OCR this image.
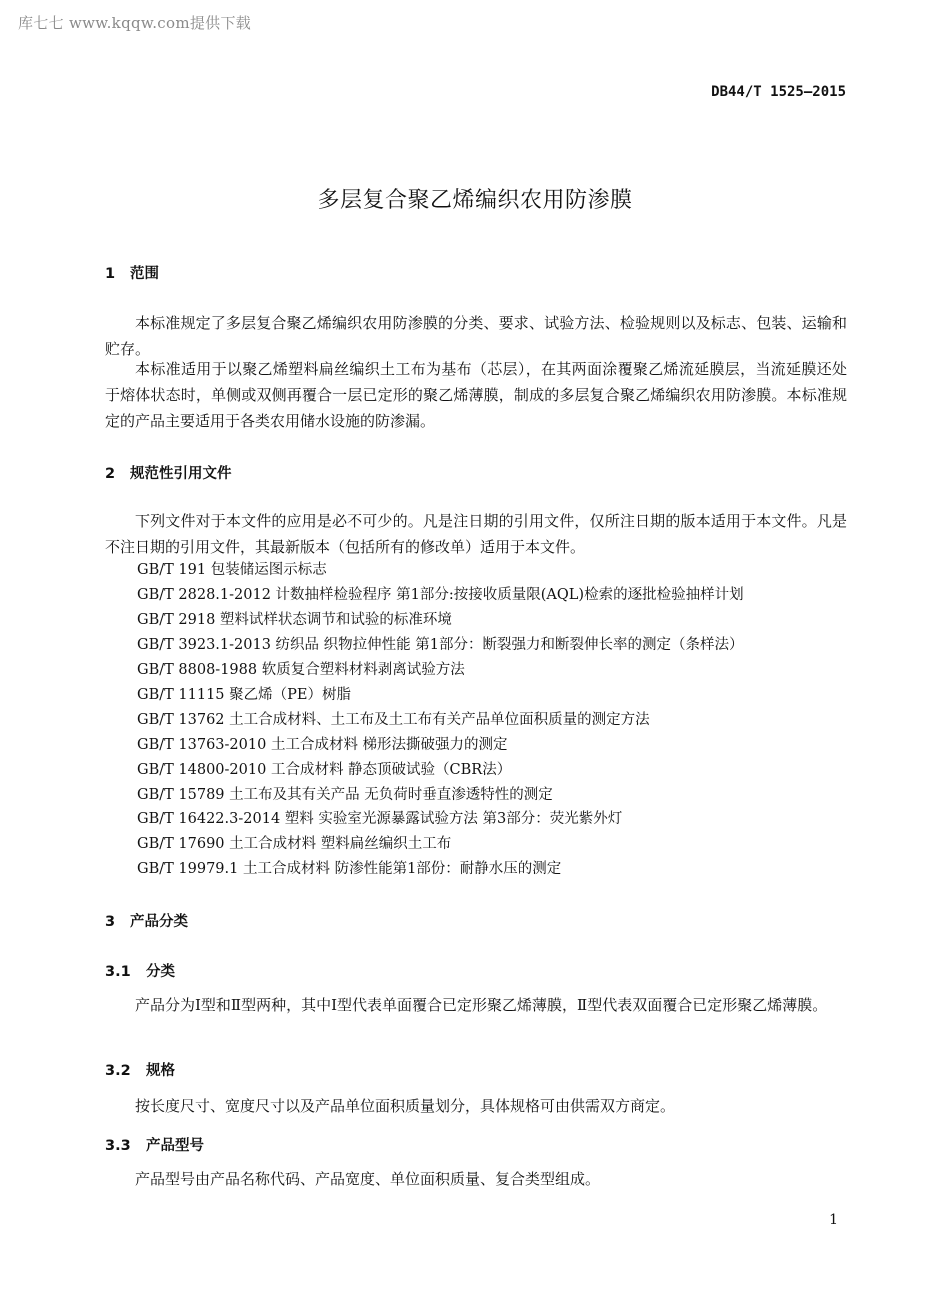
库七七 www.kqqw.com提供下载
DB44/T 1525—2015
多层复合聚乙烯编织农用防渗膜
1 范围
本标准规定了多层复合聚乙烯编织农用防渗膜的分类、要求、试验方法、检验规则以及标志、包装、运输和贮存。
本标准适用于以聚乙烯塑料扁丝编织土工布为基布（芯层），在其两面涂覆聚乙烯流延膜层，当流延膜还处于熔体状态时，单侧或双侧再覆合一层已定形的聚乙烯薄膜，制成的多层复合聚乙烯编织农用防渗膜。本标准规定的产品主要适用于各类农用储水设施的防渗漏。
2 规范性引用文件
下列文件对于本文件的应用是必不可少的。凡是注日期的引用文件，仅所注日期的版本适用于本文件。凡是不注日期的引用文件，其最新版本（包括所有的修改单）适用于本文件。
GB/T 191 包装储运图示标志
GB/T 2828.1-2012 计数抽样检验程序 第1部分:按接收质量限(AQL)检索的逐批检验抽样计划
GB/T 2918 塑料试样状态调节和试验的标准环境
GB/T 3923.1-2013 纺织品 织物拉伸性能 第1部分：断裂强力和断裂伸长率的测定（条样法）
GB/T 8808-1988 软质复合塑料材料剥离试验方法
GB/T 11115 聚乙烯（PE）树脂
GB/T 13762 土工合成材料、土工布及土工布有关产品单位面积质量的测定方法
GB/T 13763-2010 土工合成材料 梯形法撕破强力的测定
GB/T 14800-2010 工合成材料 静态顶破试验（CBR法）
GB/T 15789 土工布及其有关产品 无负荷时垂直渗透特性的测定
GB/T 16422.3-2014 塑料 实验室光源暴露试验方法 第3部分：荧光紫外灯
GB/T 17690 土工合成材料 塑料扁丝编织土工布
GB/T 19979.1 土工合成材料 防渗性能第1部份：耐静水压的测定
3 产品分类
3.1 分类
产品分为Ⅰ型和Ⅱ型两种，其中Ⅰ型代表单面覆合已定形聚乙烯薄膜，Ⅱ型代表双面覆合已定形聚乙烯薄膜。
3.2 规格
按长度尺寸、宽度尺寸以及产品单位面积质量划分，具体规格可由供需双方商定。
3.3 产品型号
产品型号由产品名称代码、产品宽度、单位面积质量、复合类型组成。
1
